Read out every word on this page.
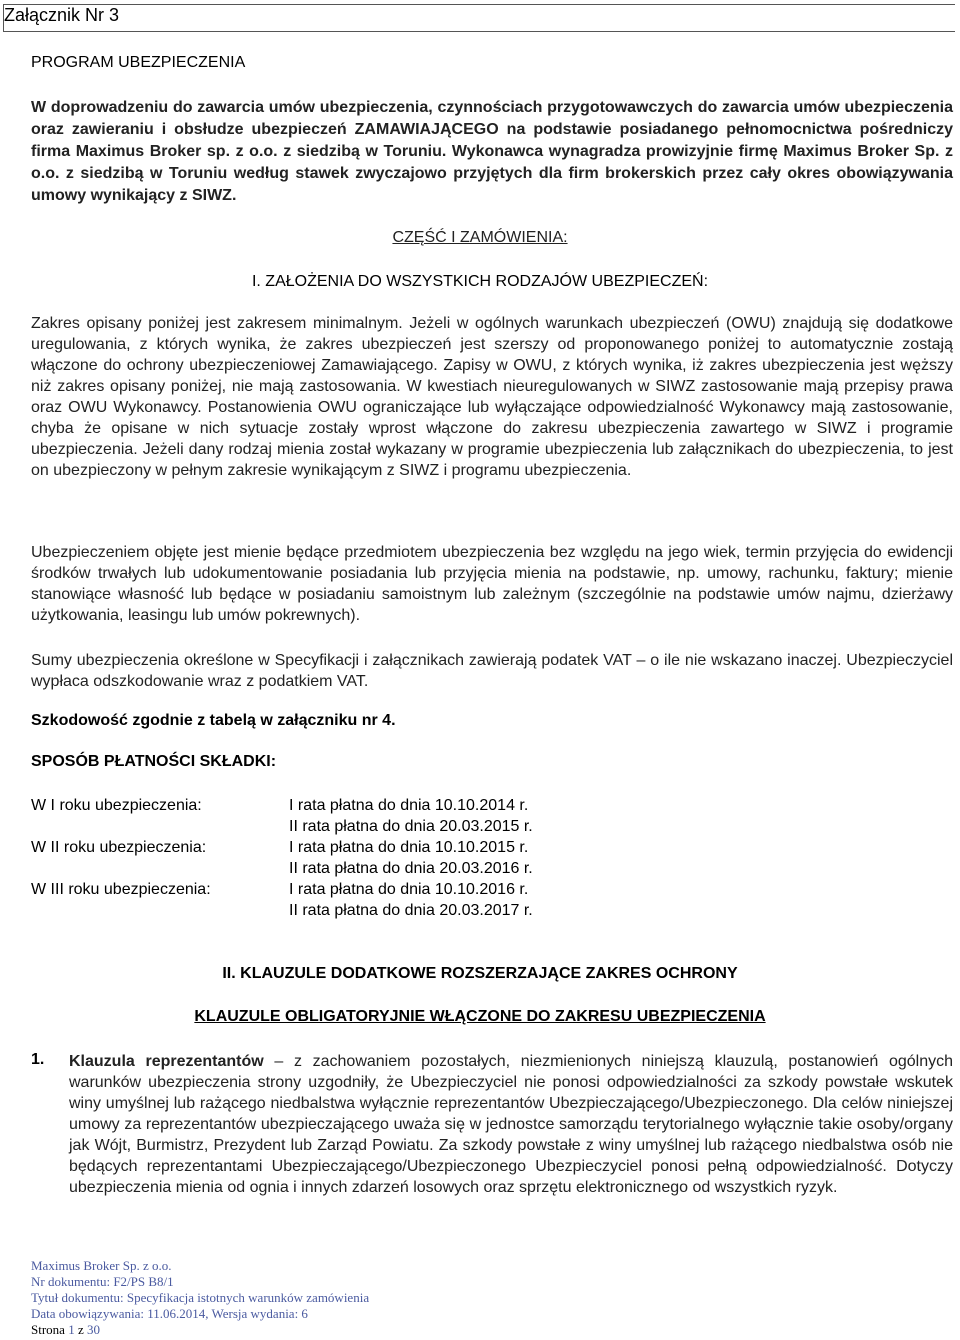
Załącznik Nr 3
PROGRAM UBEZPIECZENIA
W doprowadzeniu do zawarcia umów ubezpieczenia, czynnościach przygotowawczych do zawarcia umów ubezpieczenia oraz zawieraniu i obsłudze ubezpieczeń ZAMAWIAJĄCEGO na podstawie posiadanego pełnomocnictwa pośredniczy firma Maximus Broker sp. z o.o. z siedzibą w Toruniu. Wykonawca wynagradza prowizyjnie firmę Maximus Broker Sp. z o.o. z siedzibą w Toruniu według stawek zwyczajowo przyjętych dla firm brokerskich przez cały okres obowiązywania umowy wynikający z SIWZ.
CZĘŚĆ I ZAMÓWIENIA:
I. ZAŁOŻENIA DO WSZYSTKICH RODZAJÓW UBEZPIECZEŃ:
Zakres opisany poniżej jest zakresem minimalnym. Jeżeli w ogólnych warunkach ubezpieczeń (OWU) znajdują się dodatkowe uregulowania, z których wynika, że zakres ubezpieczeń jest szerszy od proponowanego poniżej to automatycznie zostają włączone do ochrony ubezpieczeniowej Zamawiającego. Zapisy w OWU, z których wynika, iż zakres ubezpieczenia jest węższy niż zakres opisany poniżej, nie mają zastosowania. W kwestiach nieuregulowanych w SIWZ zastosowanie mają przepisy prawa oraz OWU Wykonawcy. Postanowienia OWU ograniczające lub wyłączające odpowiedzialność Wykonawcy mają zastosowanie, chyba że opisane w nich sytuacje zostały wprost włączone do zakresu ubezpieczenia zawartego w SIWZ i programie ubezpieczenia. Jeżeli dany rodzaj mienia został wykazany w programie ubezpieczenia lub załącznikach do ubezpieczenia, to jest on ubezpieczony w pełnym zakresie wynikającym z SIWZ i programu ubezpieczenia.
Ubezpieczeniem objęte jest mienie będące przedmiotem ubezpieczenia bez względu na jego wiek, termin przyjęcia do ewidencji środków trwałych lub udokumentowanie posiadania lub przyjęcia mienia na podstawie, np. umowy, rachunku, faktury; mienie stanowiące własność lub będące w posiadaniu samoistnym lub zależnym (szczególnie na podstawie umów najmu, dzierżawy użytkowania, leasingu lub umów pokrewnych).
Sumy ubezpieczenia określone w Specyfikacji i załącznikach zawierają podatek VAT – o ile nie wskazano inaczej. Ubezpieczyciel wypłaca odszkodowanie wraz z podatkiem VAT.
Szkodowość zgodnie z tabelą w załączniku nr 4.
SPOSÓB PŁATNOŚCI SKŁADKI:
W I roku ubezpieczenia:	I rata płatna do dnia 10.10.2014 r.
II rata płatna do dnia 20.03.2015 r.
W II roku ubezpieczenia:	I rata płatna do dnia 10.10.2015 r.
II rata płatna do dnia 20.03.2016 r.
W III roku ubezpieczenia:	I rata płatna do dnia 10.10.2016 r.
II rata płatna do dnia 20.03.2017 r.
II. KLAUZULE DODATKOWE ROZSZERZAJĄCE ZAKRES OCHRONY
KLAUZULE OBLIGATORYJNIE WŁĄCZONE DO ZAKRESU UBEZPIECZENIA
1. Klauzula reprezentantów – z zachowaniem pozostałych, niezmienionych niniejszą klauzulą, postanowień ogólnych warunków ubezpieczenia strony uzgodniły, że Ubezpieczyciel nie ponosi odpowiedzialności za szkody powstałe wskutek winy umyślnej lub rażącego niedbalstwa wyłącznie reprezentantów Ubezpieczającego/Ubezpieczonego. Dla celów niniejszej umowy za reprezentantów ubezpieczającego uważa się w jednostce samorządu terytorialnego wyłącznie takie osoby/organy jak Wójt, Burmistrz, Prezydent lub Zarząd Powiatu. Za szkody powstałe z winy umyślnej lub rażącego niedbalstwa osób nie będących reprezentantami Ubezpieczającego/Ubezpieczonego Ubezpieczyciel ponosi pełną odpowiedzialność. Dotyczy ubezpieczenia mienia od ognia i innych zdarzeń losowych oraz sprzętu elektronicznego od wszystkich ryzyk.
Maximus Broker Sp. z o.o.
Nr dokumentu: F2/PS B8/1
Tytuł dokumentu: Specyfikacja istotnych warunków zamówienia
Data obowiązywania: 11.06.2014, Wersja wydania: 6
Strona 1 z 30
